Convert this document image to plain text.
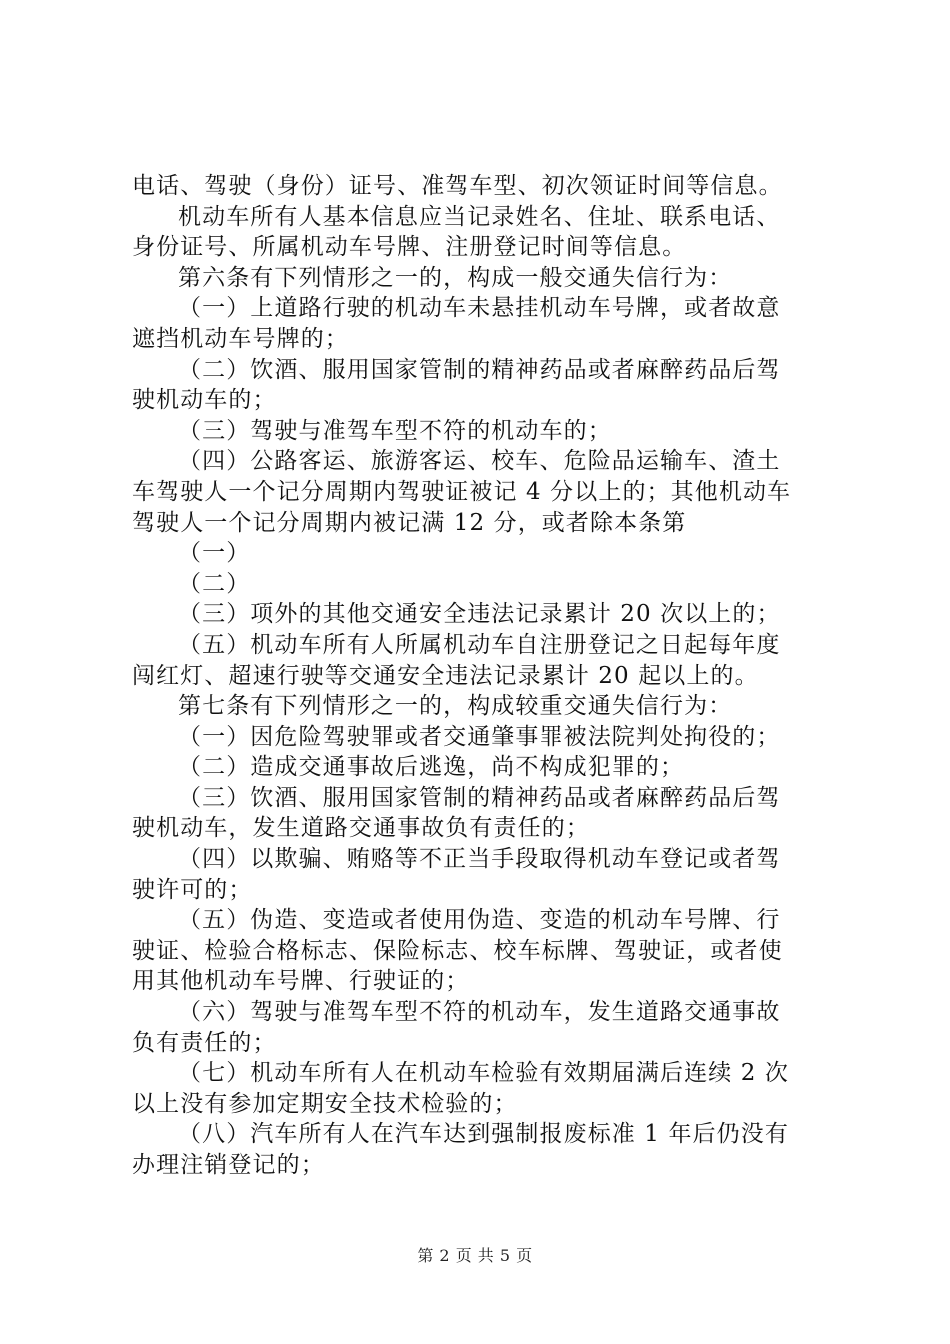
电话、驾驶（身份）证号、准驾车型、初次领证时间等信息。
机动车所有人基本信息应当记录姓名、住址、联系电话、
身份证号、所属机动车号牌、注册登记时间等信息。
第六条有下列情形之一的，构成一般交通失信行为：
（一）上道路行驶的机动车未悬挂机动车号牌，或者故意
遮挡机动车号牌的；
（二）饮酒、服用国家管制的精神药品或者麻醉药品后驾
驶机动车的；
（三）驾驶与准驾车型不符的机动车的；
（四）公路客运、旅游客运、校车、危险品运输车、渣土
车驾驶人一个记分周期内驾驶证被记 4 分以上的；其他机动车
驾驶人一个记分周期内被记满 12 分，或者除本条第
（一）
（二）
（三）项外的其他交通安全违法记录累计 20 次以上的；
（五）机动车所有人所属机动车自注册登记之日起每年度
闯红灯、超速行驶等交通安全违法记录累计 20 起以上的。
第七条有下列情形之一的，构成较重交通失信行为：
（一）因危险驾驶罪或者交通肇事罪被法院判处拘役的；
（二）造成交通事故后逃逸，尚不构成犯罪的；
（三）饮酒、服用国家管制的精神药品或者麻醉药品后驾
驶机动车，发生道路交通事故负有责任的；
（四）以欺骗、贿赂等不正当手段取得机动车登记或者驾
驶许可的；
（五）伪造、变造或者使用伪造、变造的机动车号牌、行
驶证、检验合格标志、保险标志、校车标牌、驾驶证，或者使
用其他机动车号牌、行驶证的；
（六）驾驶与准驾车型不符的机动车，发生道路交通事故
负有责任的；
（七）机动车所有人在机动车检验有效期届满后连续 2 次
以上没有参加定期安全技术检验的；
（八）汽车所有人在汽车达到强制报废标准 1 年后仍没有
办理注销登记的；
第 2 页 共 5 页
